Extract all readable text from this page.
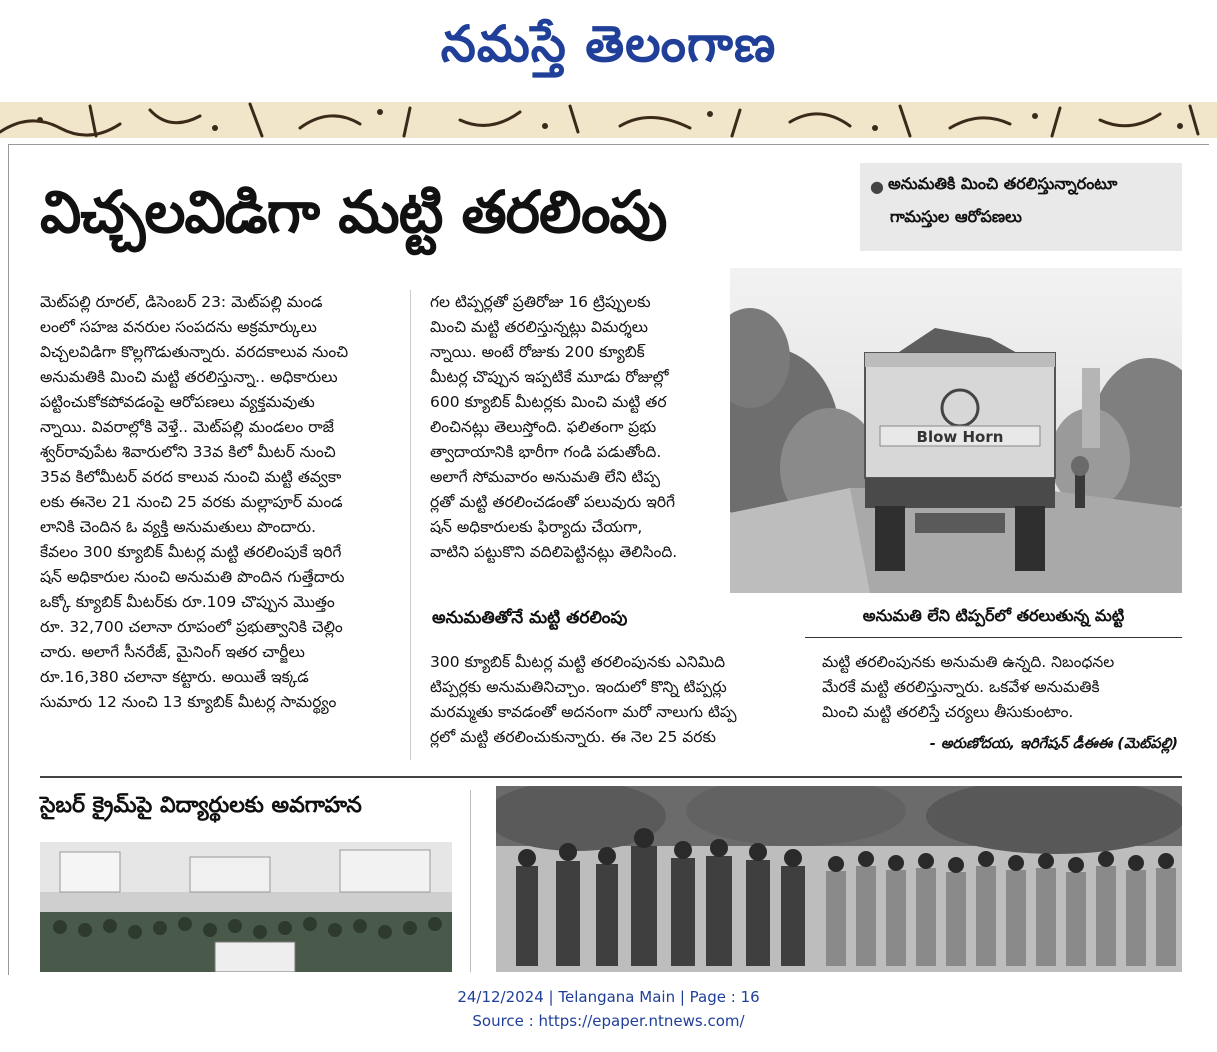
నమస్తే తెలంగాణ
విచ్చలవిడిగా మట్టి తరలింపు	● అనుమతికి మించి తరలిస్తున్నారంటూ
గామస్తుల ఆరోపణలు

మెట్‌పల్లి రూరల్‌, డిసెంబర్‌ 23: మెట్‌పల్లి మండ

లంలో సహజ వనరుల సంపదను అక్రమార్కులు

విచ్చలవిడిగా కొల్లగొడుతున్నారు. వరదకాలువ నుంచి

అనుమతికి మించి మట్టి తరలిస్తున్నా.. అధికారులు

పట్టించుకోకపోవడంపై ఆరోపణలు వ్యక్తమవుతు

న్నాయి. వివరాల్లోకి వెళ్తే.. మెట్‌పల్లి మండలం రాజే

శ్వర్‌రావుపేట శివారులోని 33వ కిలో మీటర్‌ నుంచి

35వ కిలోమీటర్‌ వరద కాలువ నుంచి మట్టి తవ్వకా

లకు ఈనెల 21 నుంచి 25 వరకు మల్లాపూర్‌ మండ

లానికి చెందిన ఓ వ్యక్తి అనుమతులు పొందారు.

కేవలం 300 క్యూబిక్‌ మీటర్ల మట్టి తరలింపుకే ఇరిగే

షన్‌ అధికారుల నుంచి అనుమతి పొందిన గుత్తేదారు

ఒక్కో క్యూబిక్‌ మీటర్‌కు రూ.109 చొప్పున మొత్తం

రూ. 32,700 చలానా రూపంలో ప్రభుత్వానికి చెల్లిం

చారు. అలాగే సీనరేజ్‌, మైనింగ్‌ ఇతర చార్జీలు

రూ.16,380 చలానా కట్టారు. అయితే ఇక్కడ

సుమారు 12 నుంచి 13 క్యూబిక్‌ మీటర్ల సామర్థ్యం

గల టిప్పర్లతో ప్రతిరోజు 16 ట్రిప్పులకు

మించి మట్టి తరలిస్తున్నట్లు విమర్శలు

న్నాయి. అంటే రోజుకు 200 క్యూబిక్‌

మీటర్ల చొప్పున ఇప్పటికే మూడు రోజుల్లో

600 క్యూబిక్‌ మీటర్లకు మించి మట్టి తర

లించినట్లు తెలుస్తోంది. ఫలితంగా ప్రభు

త్వాదాయానికి భారీగా గండి పడుతోంది.

అలాగే సోమవారం అనుమతి లేని టిప్ప

ర్లతో మట్టి తరలించడంతో పలువురు ఇరిగే

షన్‌ అధికారులకు ఫిర్యాదు చేయగా,

వాటిని పట్టుకొని వదిలిపెట్టినట్లు తెలిసింది.

Blow Horn
అనుమతితోనే మట్టి తరలింపు	అనుమతి లేని టిప్పర్‌లో తరలుతున్న మట్టి

300 క్యూబిక్‌ మీటర్ల మట్టి తరలింపునకు ఎనిమిది

టిప్పర్లకు అనుమతినిచ్చాం. ఇందులో కొన్ని టిప్పర్లు

మరమ్మతు కావడంతో అదనంగా మరో నాలుగు టిప్ప

ర్లలో మట్టి తరలించుకున్నారు. ఈ నెల 25 వరకు

మట్టి తరలింపునకు అనుమతి ఉన్నది. నిబంధనల

మేరకే మట్టి తరలిస్తున్నారు. ఒకవేళ అనుమతికి

మించి మట్టి తరలిస్తే చర్యలు తీసుకుంటాం.

- అరుణోదయ, ఇరిగేషన్‌ డీఈఈ (మెట్‌పల్లి)
సైబర్‌ క్రైమ్‌పై విద్యార్థులకు అవగాహన
24/12/2024 | Telangana Main | Page : 16
Source : https://epaper.ntnews.com/
